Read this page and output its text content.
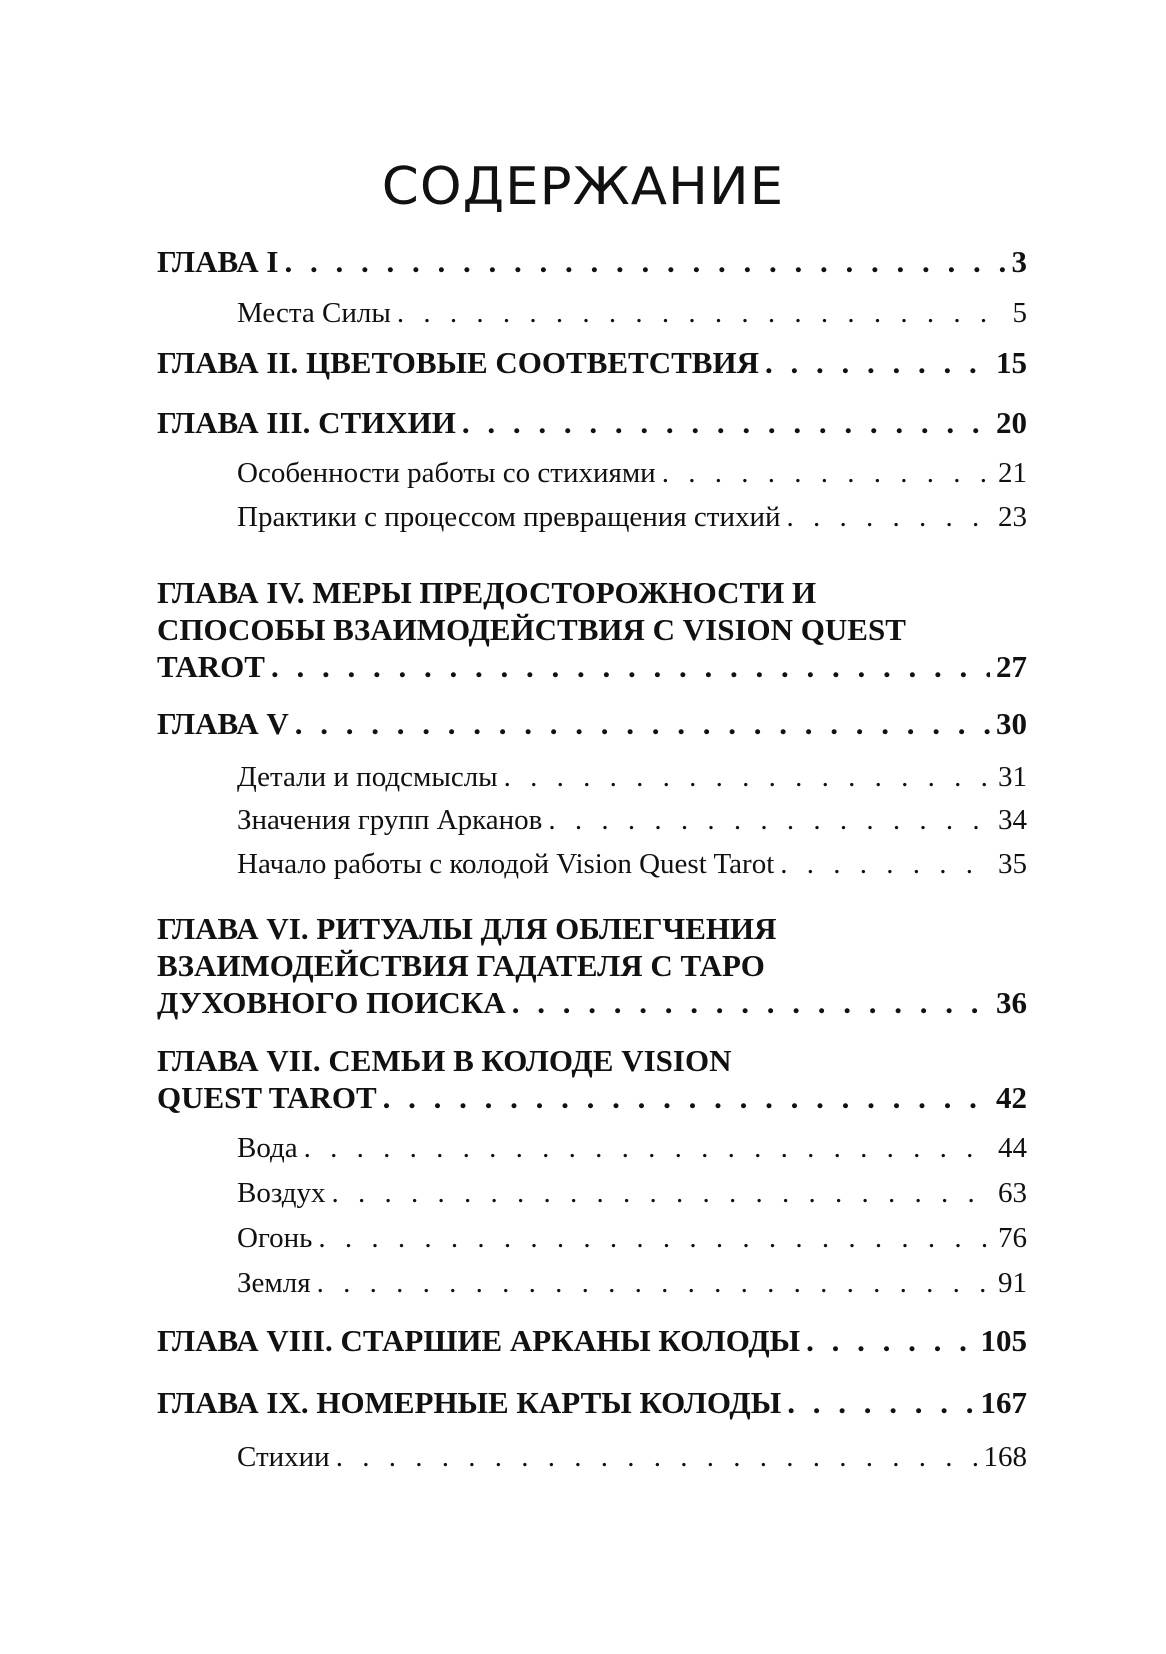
СОДЕРЖАНИЕ
ГЛАВА I . . .	3
Места Силы . . .	5
ГЛАВА II. ЦВЕТОВЫЕ СООТВЕТСТВИЯ . . .	15
ГЛАВА III. СТИХИИ . . .	20
Особенности работы со стихиями . . .	21
Практики с процессом превращения стихий . . .	23
ГЛАВА IV. МЕРЫ ПРЕДОСТОРОЖНОСТИ И
СПОСОБЫ ВЗАИМОДЕЙСТВИЯ С VISION QUEST
TAROT . . .	27
ГЛАВА V . . .	30
Детали и подсмыслы . . .	31
Значения групп Арканов . . .	34
Начало работы с колодой Vision Quest Tarot . . .	35
ГЛАВА VI. РИТУАЛЫ ДЛЯ ОБЛЕГЧЕНИЯ
ВЗАИМОДЕЙСТВИЯ ГАДАТЕЛЯ С ТАРО
ДУХОВНОГО ПОИСКА . . .	36
ГЛАВА VII. СЕМЬИ В КОЛОДЕ VISION
QUEST TAROT . . .	42
Вода . . .	44
Воздух . . .	63
Огонь . . .	76
Земля . . .	91
ГЛАВА VIII. СТАРШИЕ АРКАНЫ КОЛОДЫ . . .	105
ГЛАВА IX. НОМЕРНЫЕ КАРТЫ КОЛОДЫ . . .	167
Стихии . . .	168
